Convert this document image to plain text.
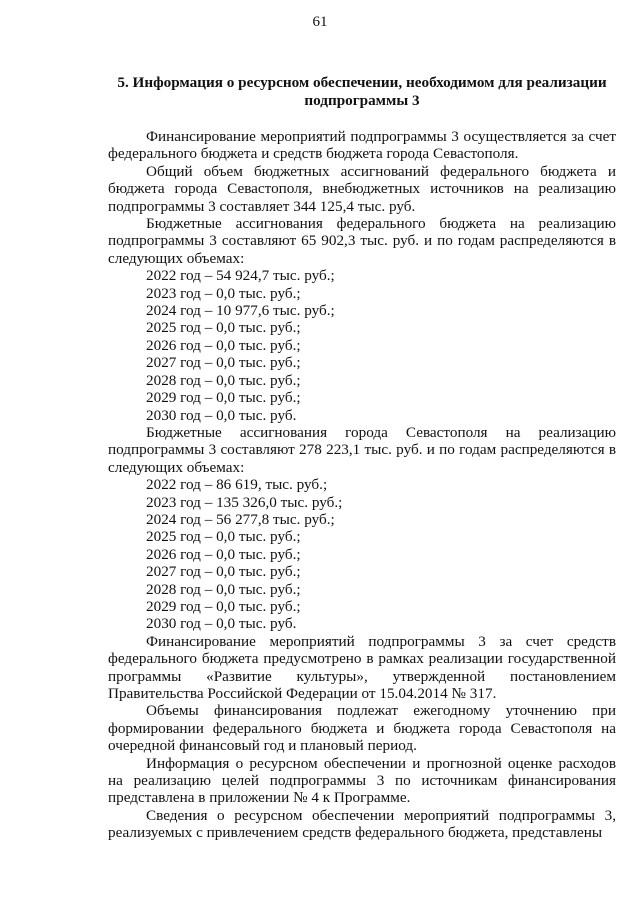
61
5. Информация о ресурсном обеспечении, необходимом для реализации подпрограммы 3

Финансирование мероприятий подпрограммы 3 осуществляется за счет федерального бюджета и средств бюджета города Севастополя.

Общий объем бюджетных ассигнований федерального бюджета и бюджета города Севастополя, внебюджетных источников на реализацию подпрограммы 3 составляет 344 125,4 тыс. руб.

Бюджетные ассигнования федерального бюджета на реализацию подпрограммы 3 составляют 65 902,3 тыс. руб. и по годам распределяются в следующих объемах:

2022 год – 54 924,7 тыс. руб.;
2023 год – 0,0 тыс. руб.;
2024 год – 10 977,6 тыс. руб.;
2025 год – 0,0 тыс. руб.;
2026 год – 0,0 тыс. руб.;
2027 год – 0,0 тыс. руб.;
2028 год – 0,0 тыс. руб.;
2029 год – 0,0 тыс. руб.;
2030 год – 0,0 тыс. руб.

Бюджетные ассигнования города Севастополя на реализацию подпрограммы 3 составляют 278 223,1 тыс. руб. и по годам распределяются в следующих объемах:

2022 год – 86 619, тыс. руб.;
2023 год – 135 326,0 тыс. руб.;
2024 год – 56 277,8 тыс. руб.;
2025 год – 0,0 тыс. руб.;
2026 год – 0,0 тыс. руб.;
2027 год – 0,0 тыс. руб.;
2028 год – 0,0 тыс. руб.;
2029 год – 0,0 тыс. руб.;
2030 год – 0,0 тыс. руб.

Финансирование мероприятий подпрограммы 3 за счет средств федерального бюджета предусмотрено в рамках реализации государственной программы «Развитие культуры», утвержденной постановлением Правительства Российской Федерации от 15.04.2014 № 317.

Объемы финансирования подлежат ежегодному уточнению при формировании федерального бюджета и бюджета города Севастополя на очередной финансовый год и плановый период.

Информация о ресурсном обеспечении и прогнозной оценке расходов на реализацию целей подпрограммы 3 по источникам финансирования представлена в приложении № 4 к Программе.

Сведения о ресурсном обеспечении мероприятий подпрограммы 3, реализуемых с привлечением средств федерального бюджета, представлены
